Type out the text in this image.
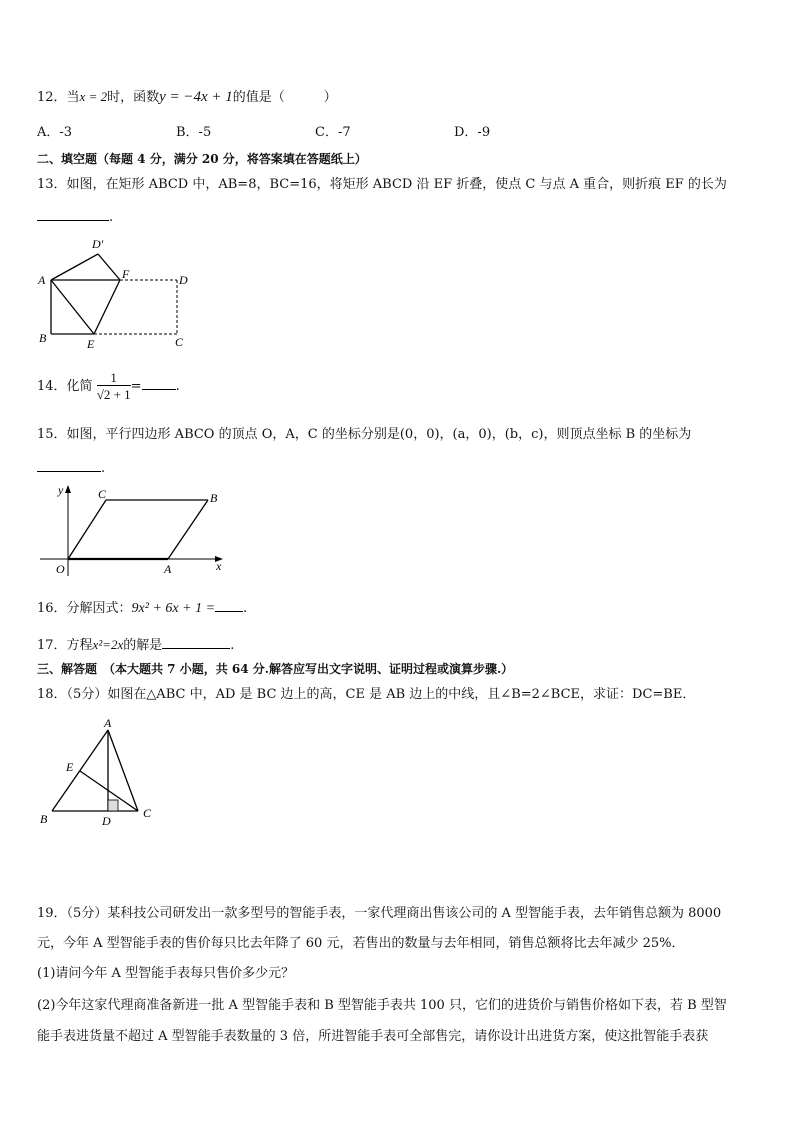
12．当x = 2时，函数y = −4x + 1的值是（　　　）
A．-3	B．-5	C．-7	D．-9
二、填空题（每题 4 分，满分 20 分，将答案填在答题纸上）
13．如图，在矩形 ABCD 中，AB=8，BC=16，将矩形 ABCD 沿 EF 折叠，使点 C 与点 A 重合，则折痕 EF 的长为
.
D′
A	F	D
B	E	C
14．化简 $\frac{1}{√2 + 1}$ =	.
15．如图，平行四边形 ABCO 的顶点 O，A，C 的坐标分别是(0，0)，(a，0)，(b，c)，则顶点坐标 B 的坐标为
.
y	C	B
O	A	x
16．分解因式：9x² + 6x + 1 = .
17．方程x²=2x的解是	.
三、解答题　（本大题共 7 小题，共 64 分.解答应写出文字说明、证明过程或演算步骤.）
18．（5分）如图在△ABC 中，AD 是 BC 边上的高，CE 是 AB 边上的中线，且∠B=2∠BCE，求证：DC=BE．
A
E
B	D
C
19．（5分）某科技公司研发出一款多型号的智能手表，一家代理商出售该公司的 A 型智能手表，去年销售总额为 8000
元，今年 A 型智能手表的售价每只比去年降了 60 元，若售出的数量与去年相同，销售总额将比去年减少 25%．
(1)请问今年 A 型智能手表每只售价多少元？
(2)今年这家代理商准备新进一批 A 型智能手表和 B 型智能手表共 100 只，它们的进货价与销售价格如下表，若 B 型智
能手表进货量不超过 A 型智能手表数量的 3 倍，所进智能手表可全部售完，请你设计出进货方案，使这批智能手表获
